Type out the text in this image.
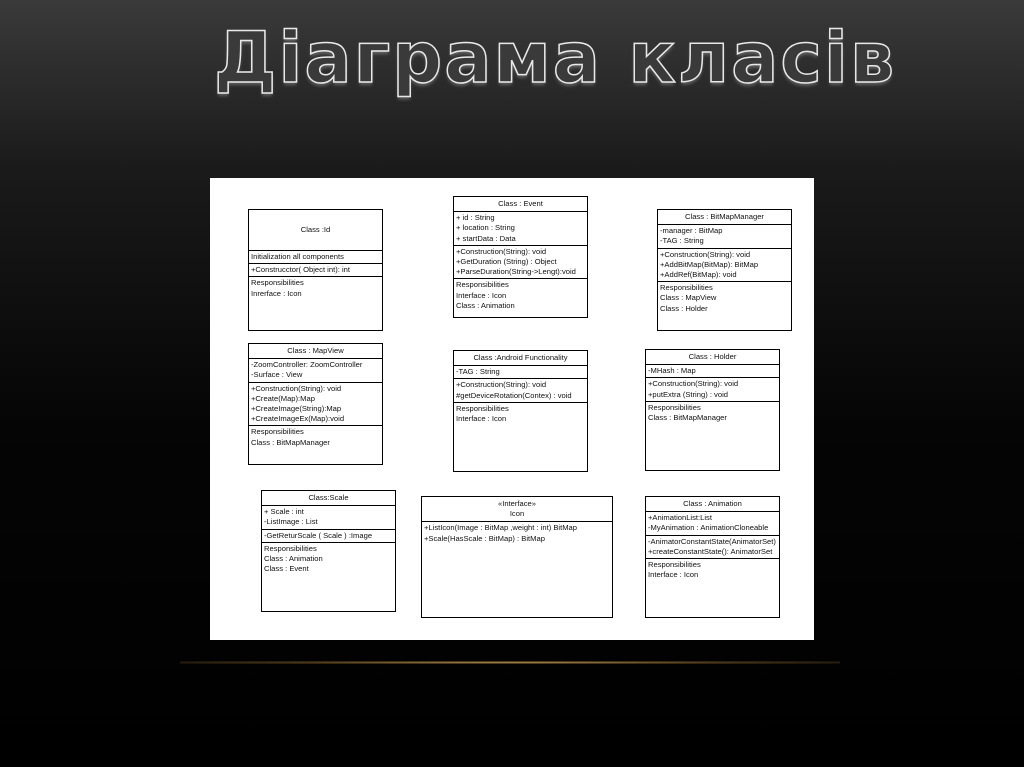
Діаграма класів
Class :Id
Initialization all components
+Construcctor( Object int): int
Responsibilities
Inrerface : Icon
Class : Event
+ id : String
+ location : String
+ startData : Data
+Construction(String): void
+GetDuration (String) : Object
+ParseDuration(String->Lengt):void
Responsibilities
Interface : Icon
Class : Animation
Class : BitMapManager
-manager : BitMap
-TAG : String
+Construction(String): void
+AddBitMap(BitMap): BitMap
+AddRef(BitMap): void
Responsibilities
Class : MapView
Class : Holder
Class : MapView
-ZoomController: ZoomController
-Surface : View
+Construction(String): void
+Create(Map):Map
+CreateImage(String):Map
+CreateImageEx(Map):void
Responsibilities
Class : BitMapManager
Class :Android Functionality
-TAG : String
+Construction(String): void
#getDeviceRotation(Contex) : void
Responsibilities
Interface : Icon
Class : Holder
-MHash : Map
+Construction(String): void
+putExtra (String) : void
Responsibilities
Class : BitMapManager
Class:Scale
+ Scale : int
-ListImage : List
-GetReturScale ( Scale ) :Image
Responsibilities
Class : Animation
Class : Event
«Interface»
Icon
+ListIcon(Image : BitMap ,weight : int) BitMap
+Scale(HasScale : BitMap) : BitMap
Class : Animation
+AnimationList:List
-MyAnimation : AnimationCloneable
-AnimatorConstantState(AnimatorSet)
+createConstantState(): AnimatorSet
Responsibilities
Interface : Icon
